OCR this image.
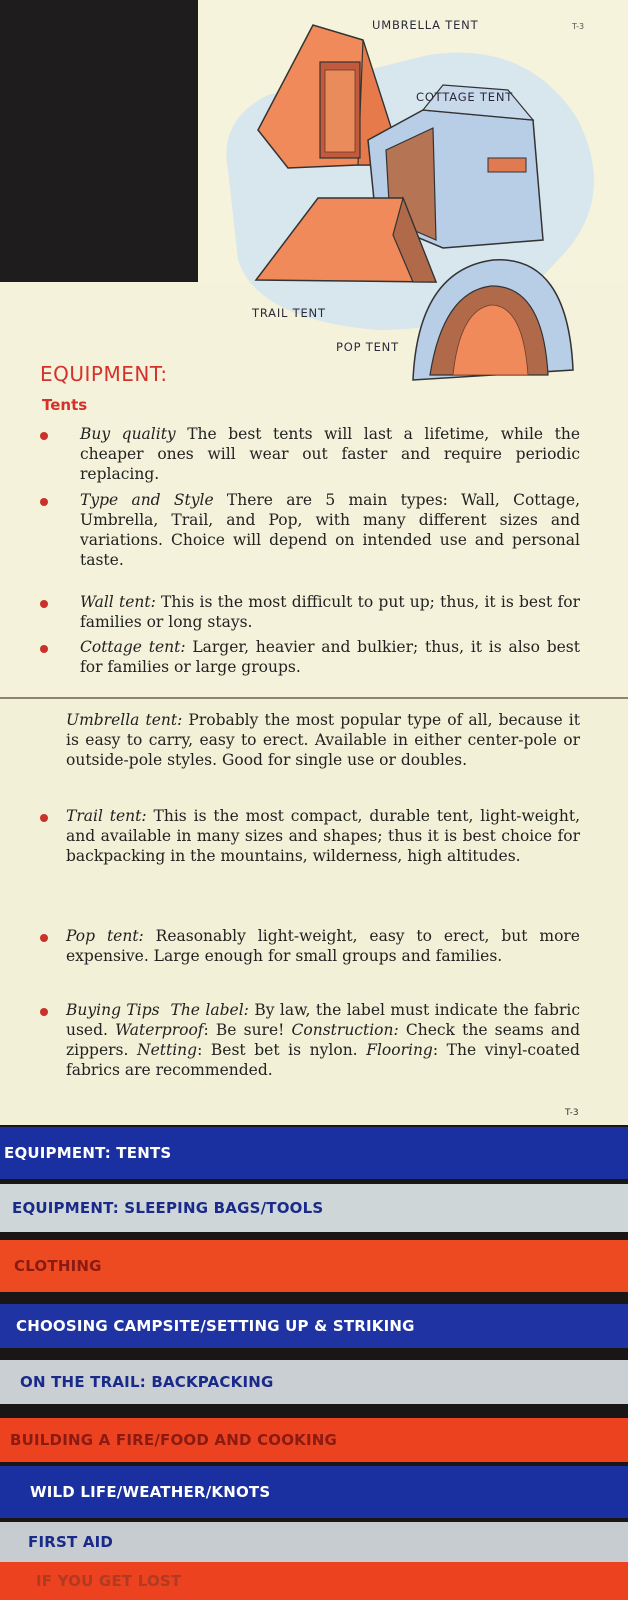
UMBRELLA TENT	T-3
COTTAGE TENT
TRAIL TENT
POP TENT
EQUIPMENT:
Tents

Buy quality The best tents will last a lifetime, while the cheaper ones will wear out faster and require periodic replacing.

Type and Style There are 5 main types: Wall, Cottage, Umbrella, Trail, and Pop, with many different sizes and variations. Choice will depend on intended use and personal taste.

Wall tent: This is the most difficult to put up; thus, it is best for families or long stays.

Cottage tent: Larger, heavier and bulkier; thus, it is also best for families or large groups.

Umbrella tent: Probably the most popular type of all, because it is easy to carry, easy to erect. Available in either center-pole or outside-pole styles. Good for single use or doubles.

Trail tent: This is the most compact, durable tent, light-weight, and available in many sizes and shapes; thus it is best choice for backpacking in the mountains, wilderness, high altitudes.

Pop tent: Reasonably light-weight, easy to erect, but more expensive. Large enough for small groups and families.

Buying Tips The label: By law, the label must indicate the fabric used. Waterproof: Be sure! Construction: Check the seams and zippers. Netting: Best bet is nylon. Flooring: The vinyl-coated fabrics are recommended.

T-3
EQUIPMENT: TENTS
EQUIPMENT: SLEEPING BAGS/TOOLS
CLOTHING
CHOOSING CAMPSITE/SETTING UP & STRIKING
ON THE TRAIL: BACKPACKING
BUILDING A FIRE/FOOD AND COOKING
WILD LIFE/WEATHER/KNOTS
FIRST AID
IF YOU GET LOST
